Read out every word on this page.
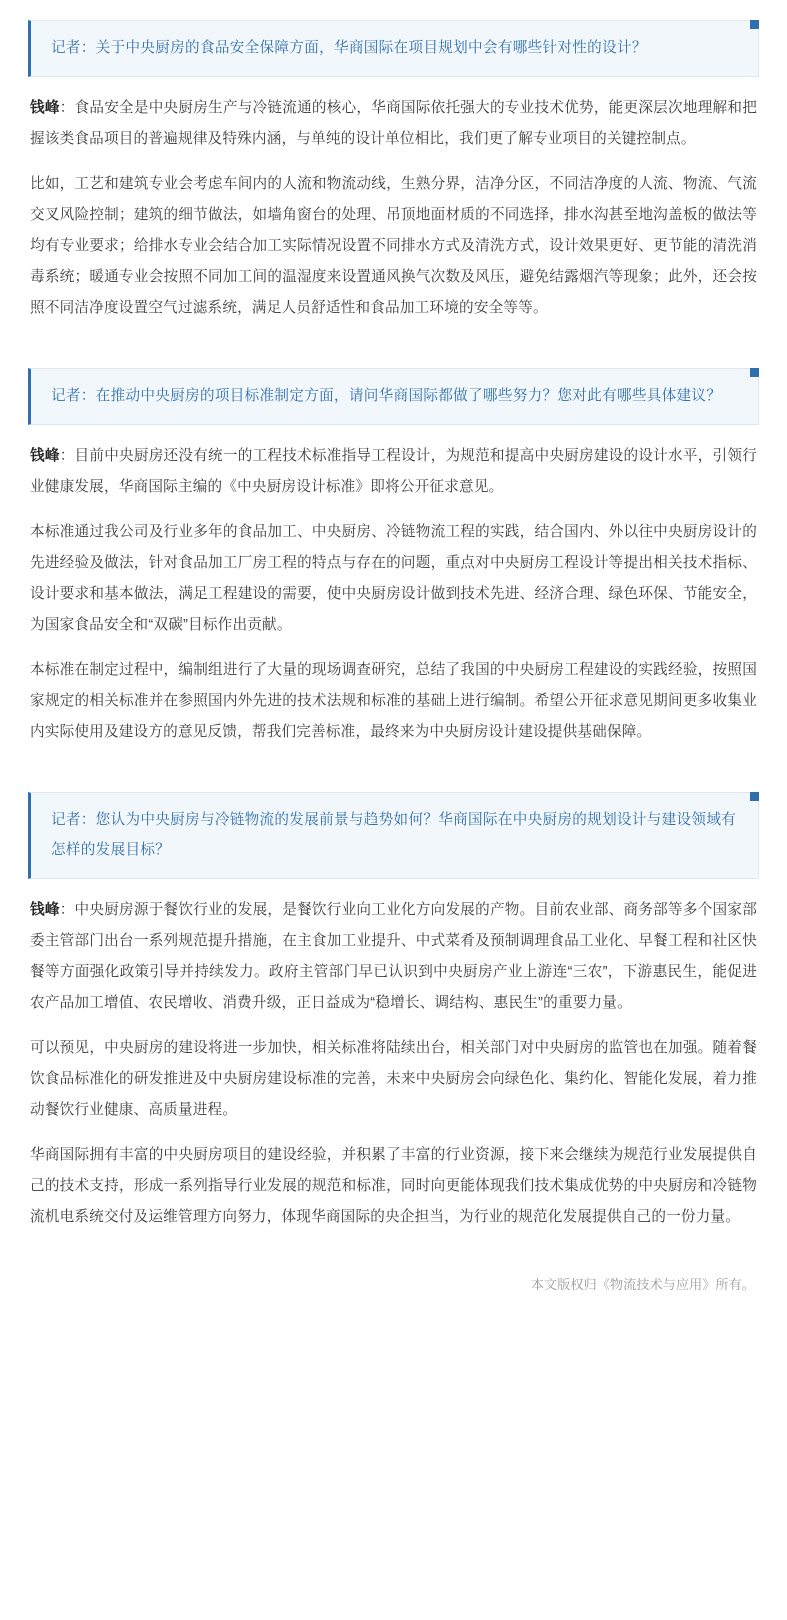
记者：关于中央厨房的食品安全保障方面，华商国际在项目规划中会有哪些针对性的设计？

钱峰：食品安全是中央厨房生产与冷链流通的核心，华商国际依托强大的专业技术优势，能更深层次地理解和把握该类食品项目的普遍规律及特殊内涵，与单纯的设计单位相比，我们更了解专业项目的关键控制点。

比如，工艺和建筑专业会考虑车间内的人流和物流动线，生熟分界，洁净分区，不同洁净度的人流、物流、气流交叉风险控制；建筑的细节做法，如墙角窗台的处理、吊顶地面材质的不同选择，排水沟甚至地沟盖板的做法等均有专业要求；给排水专业会结合加工实际情况设置不同排水方式及清洗方式，设计效果更好、更节能的清洗消毒系统；暖通专业会按照不同加工间的温湿度来设置通风换气次数及风压，避免结露烟汽等现象；此外，还会按照不同洁净度设置空气过滤系统，满足人员舒适性和食品加工环境的安全等等。

记者：在推动中央厨房的项目标准制定方面，请问华商国际都做了哪些努力？您对此有哪些具体建议？

钱峰：目前中央厨房还没有统一的工程技术标准指导工程设计，为规范和提高中央厨房建设的设计水平，引领行业健康发展，华商国际主编的《中央厨房设计标准》即将公开征求意见。

本标准通过我公司及行业多年的食品加工、中央厨房、冷链物流工程的实践，结合国内、外以往中央厨房设计的先进经验及做法，针对食品加工厂房工程的特点与存在的问题，重点对中央厨房工程设计等提出相关技术指标、设计要求和基本做法，满足工程建设的需要，使中央厨房设计做到技术先进、经济合理、绿色环保、节能安全，为国家食品安全和“双碳”目标作出贡献。

本标准在制定过程中，编制组进行了大量的现场调查研究，总结了我国的中央厨房工程建设的实践经验，按照国家规定的相关标准并在参照国内外先进的技术法规和标准的基础上进行编制。希望公开征求意见期间更多收集业内实际使用及建设方的意见反馈，帮我们完善标准，最终来为中央厨房设计建设提供基础保障。

记者：您认为中央厨房与冷链物流的发展前景与趋势如何？华商国际在中央厨房的规划设计与建设领域有怎样的发展目标？

钱峰：中央厨房源于餐饮行业的发展，是餐饮行业向工业化方向发展的产物。目前农业部、商务部等多个国家部委主管部门出台一系列规范提升措施，在主食加工业提升、中式菜肴及预制调理食品工业化、早餐工程和社区快餐等方面强化政策引导并持续发力。政府主管部门早已认识到中央厨房产业上游连“三农”，下游惠民生，能促进农产品加工增值、农民增收、消费升级，正日益成为“稳增长、调结构、惠民生”的重要力量。

可以预见，中央厨房的建设将进一步加快，相关标准将陆续出台，相关部门对中央厨房的监管也在加强。随着餐饮食品标准化的研发推进及中央厨房建设标准的完善，未来中央厨房会向绿色化、集约化、智能化发展，着力推动餐饮行业健康、高质量进程。

华商国际拥有丰富的中央厨房项目的建设经验，并积累了丰富的行业资源，接下来会继续为规范行业发展提供自己的技术支持，形成一系列指导行业发展的规范和标准，同时向更能体现我们技术集成优势的中央厨房和冷链物流机电系统交付及运维管理方向努力，体现华商国际的央企担当，为行业的规范化发展提供自己的一份力量。

本文版权归《物流技术与应用》所有。
